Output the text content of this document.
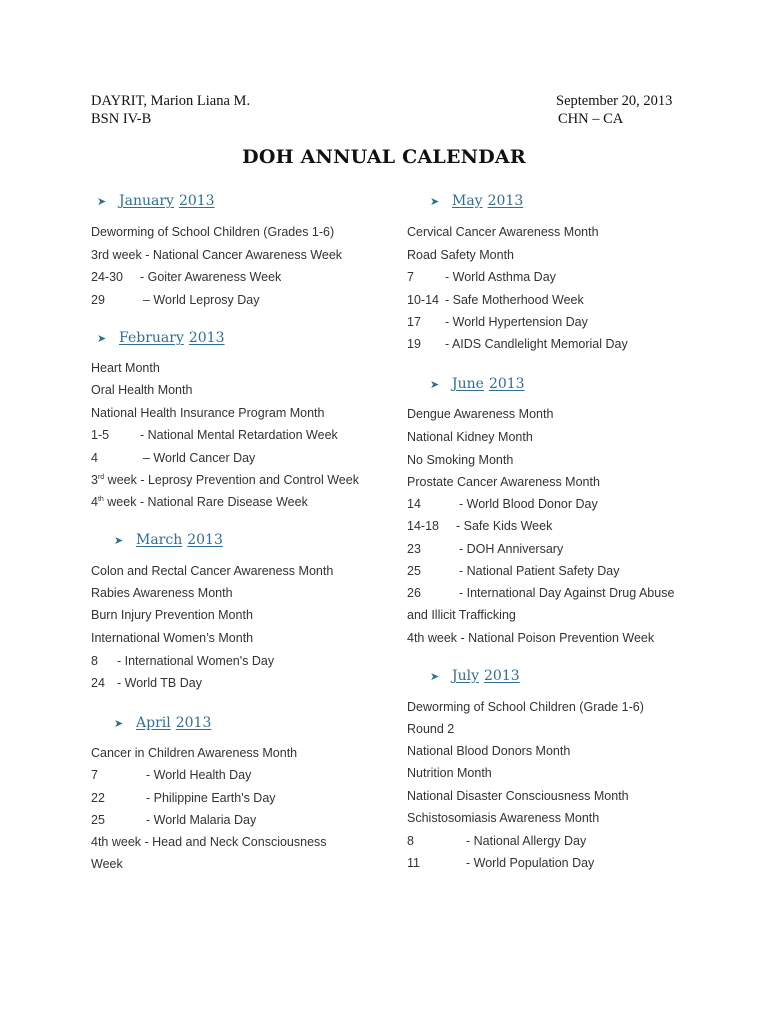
DAYRIT, Marion Liana M.
BSN IV-B
September 20, 2013
CHN – CA
DOH ANNUAL CALENDAR
➤ January 2013
Deworming of School Children (Grades 1-6)
3rd week - National Cancer Awareness Week
24-30 - Goiter Awareness Week
29	– World Leprosy Day
➤ February 2013
Heart Month
Oral Health Month
National Health Insurance Program Month
1-5 - National Mental Retardation Week
4	– World Cancer Day
3rd week - Leprosy Prevention and Control Week
4th week - National Rare Disease Week
➤ March 2013
Colon and Rectal Cancer Awareness Month
Rabies Awareness Month
Burn Injury Prevention Month
International Women’s Month
8 - International Women's Day
24 - World TB Day
➤ April 2013
Cancer in Children Awareness Month
7	- World Health Day
22	- Philippine Earth's Day
25	- World Malaria Day
4th week - Head and Neck Consciousness
Week
➤ May 2013
Cervical Cancer Awareness Month
Road Safety Month
7 - World Asthma Day
10-14 - Safe Motherhood Week
17 - World Hypertension Day
19 - AIDS Candlelight Memorial Day
➤ June 2013
Dengue Awareness Month
National Kidney Month
No Smoking Month
Prostate Cancer Awareness Month
14	- World Blood Donor Day
14-18 - Safe Kids Week
23	- DOH Anniversary
25	- National Patient Safety Day
26	- International Day Against Drug Abuse
and Illicit Trafficking
4th week - National Poison Prevention Week
➤ July 2013
Deworming of School Children (Grade 1-6)
Round 2
National Blood Donors Month
Nutrition Month
National Disaster Consciousness Month
Schistosomiasis Awareness Month
8	- National Allergy Day
11	- World Population Day
